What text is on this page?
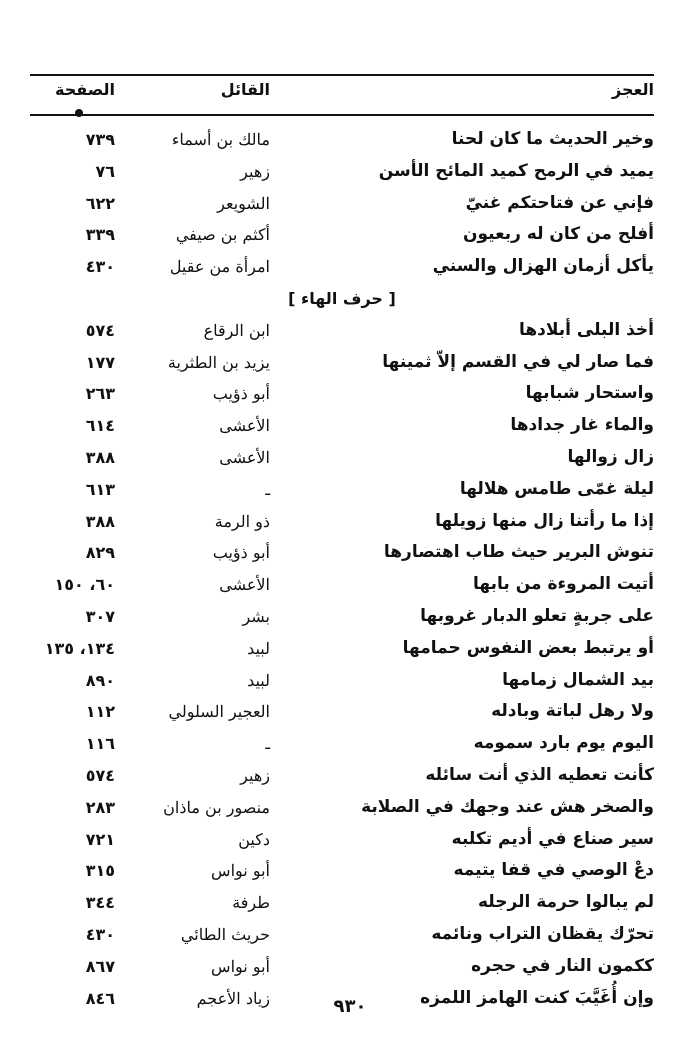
العجز
القائل
الصفحة
وخير الحديث ما كان لحنا
مالك بن أسماء
٧٣٩
يميد في الرمح كميد المائح الأسن
زهير
٧٦
فإني عن فتاحتكم غنيّ
الشويعر
٦٢٢
أفلح من كان له ربعيون
أكثم بن صيفي
٣٣٩
يأكل أزمان الهزال والسني
امرأة من عقيل
٤٣٠
[ حرف الهاء ]
أخذ البلى أبلادها
ابن الرقاع
٥٧٤
فما صار لي في القسم إلاّ ثمينها
يزيد بن الطثرية
١٧٧
واستحار شبابها
أبو ذؤيب
٢٦٣
والماء غار جدادها
الأعشى
٦١٤
زال زوالها
الأعشى
٣٨٨
ليلة غمّى طامس هلالها
ـ
٦١٣
إذا ما رأتنا زال منها زويلها
ذو الرمة
٣٨٨
تنوش البرير حيث طاب اهتصارها
أبو ذؤيب
٨٢٩
أتيت المروءة من بابها
الأعشى
٦٠، ١٥٠
على جربةٍ تعلو الدبار غروبها
بشر
٣٠٧
أو يرتبط بعض النفوس حمامها
لبيد
١٣٤، ١٣٥
بيد الشمال زمامها
لبيد
٨٩٠
ولا رهل لباتة وبادله
العجير السلولي
١١٢
اليوم يوم بارد سمومه
ـ
١١٦
كأنت تعطيه الذي أنت سائله
زهير
٥٧٤
والصخر هش عند وجهك في الصلابة
منصور بن ماذان
٢٨٣
سير صناع في أديم تكلبه
دكين
٧٢١
دعْ الوصي في قفا يتيمه
أبو نواس
٣١٥
لم يبالوا حرمة الرجله
طرفة
٣٤٤
تحرّك يقظان التراب ونائمه
حريث الطائي
٤٣٠
ككمون النار في حجره
أبو نواس
٨٦٧
وإن أُغَيَّبَ كنت الهامز اللمزه
زياد الأعجم
٨٤٦	٩٣٠
